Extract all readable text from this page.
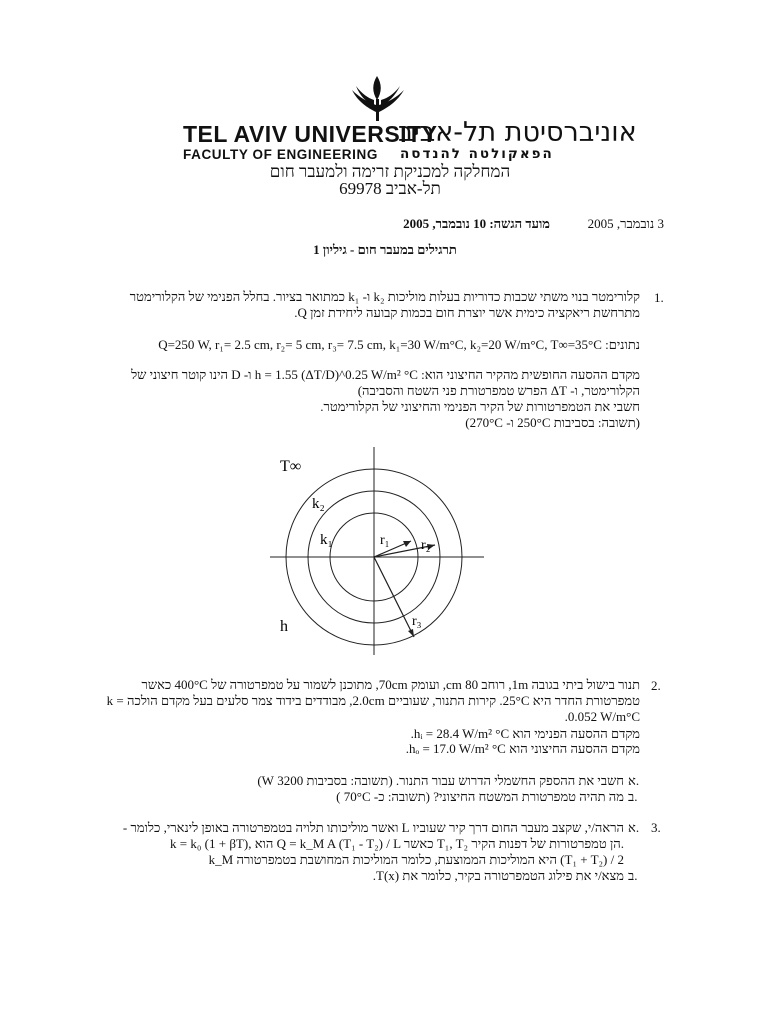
TEL AVIV UNIVERSITY
אוניברסיטת תל-אביב
FACULTY OF ENGINEERING הפאקולטה להנדסה
המחלקה למכניקת זרימה ולמעבר חום
תל-אביב 69978
3 נובמבר, 2005
מועד הגשה: 10 נובמבר, 2005
תרגילים במעבר חום - גיליון 1
1.
קלורימטר בנוי משתי שכבות כדוריות בעלות מוליכות k₂ ו- k₁ כמתואר בציור. בחלל הפנימי של הקלורימטר מתרחשת ריאקציה כימית אשר יוצרת חום בכמות קבועה ליחידת זמן Q.
נתונים: Q=250 W, r₁= 2.5 cm, r₂= 5 cm, r₃= 7.5 cm, k₁=30 W/m°C, k₂=20 W/m°C, T∞=35°C
מקדם ההסעה החופשית מהקיר החיצוני הוא: h = 1.55 (ΔT/D)^0.25 W/m² °C ו- D הינו קוטר חיצוני של
הקלורימטר, ו- ΔT הפרש טמפרטורת פני השטח והסביבה)
חשבי את הטמפרטורות של הקיר הפנימי והחיצוני של הקלורימטר.
(תשובה: בסביבות 250°C ו- 270°C)
T∞
k₂
k₁	r₁ r₂
r₃
h
2.
תנור בישול ביתי בגובה 1m, רוחב 80 cm, ועומק 70cm, מתוכנן לשמור על טמפרטורה של 400°C כאשר טמפרטורת החדר היא 25°C. קירות התנור, שעוביים 2.0cm, מבודדים בידוד צמר סלעים בעל מקדם הולכה = k 0.052 W/m°C.
מקדם ההסעה הפנימי הוא hᵢ = 28.4 W/m² °C.
מקדם ההסעה החיצוני הוא hₒ = 17.0 W/m² °C.
א.
חשבי את ההספק החשמלי הדרוש עבור התנור. (תשובה: בסביבות 3200 W)
ב.
מה תהיה טמפרטורת המשטח החיצוני? (תשובה: כ- 70°C )
3.
א.
הראה/י, שקצב מעבר החום דרך קיר שעוביו L ואשר מוליכותו תלויה בטמפרטורה באופן לינארי, כלומר -
k = k₀ (1 + βT), הוא Q = k_M A (T₁ - T₂) / L כאשר T₁, T₂ הן טמפרטורות של דפנות הקיר.
k_M היא המוליכות הממוצעת, כלומר המוליכות המחושבת בטמפרטורה (T₁ + T₂) / 2
ב.
מצא/י את פילוג הטמפרטורה בקיר, כלומר את T(x).
